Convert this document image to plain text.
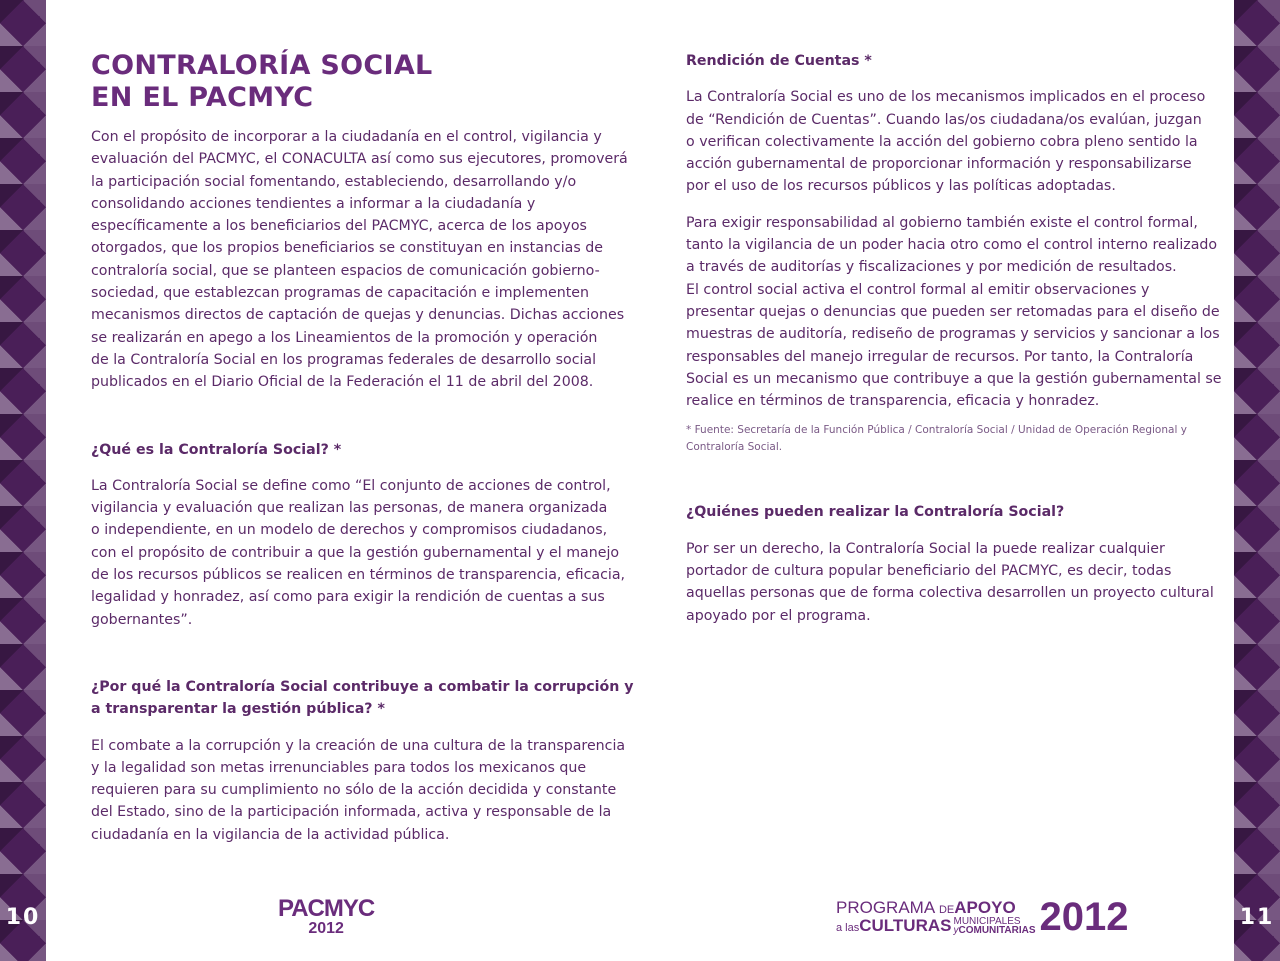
10	11
CONTRALORÍA SOCIAL
EN EL PACMYC
Con el propósito de incorporar a la ciudadanía en el control, vigilancia y
evaluación del PACMYC, el CONACULTA así como sus ejecutores, promoverá
la participación social fomentando, estableciendo, desarrollando y/o
consolidando acciones tendientes a informar a la ciudadanía y
específicamente a los beneficiarios del PACMYC, acerca de los apoyos
otorgados, que los propios beneficiarios se constituyan en instancias de
contraloría social, que se planteen espacios de comunicación gobierno-
sociedad, que establezcan programas de capacitación e implementen
mecanismos directos de captación de quejas y denuncias. Dichas acciones
se realizarán en apego a los Lineamientos de la promoción y operación
de la Contraloría Social en los programas federales de desarrollo social
publicados en el Diario Oficial de la Federación el 11 de abril del 2008.
¿Qué es la Contraloría Social? *
La Contraloría Social se define como “El conjunto de acciones de control,
vigilancia y evaluación que realizan las personas, de manera organizada
o independiente, en un modelo de derechos y compromisos ciudadanos,
con el propósito de contribuir a que la gestión gubernamental y el manejo
de los recursos públicos se realicen en términos de transparencia, eficacia,
legalidad y honradez, así como para exigir la rendición de cuentas a sus
gobernantes”.
¿Por qué la Contraloría Social contribuye a combatir la corrupción y
a transparentar la gestión pública? *
El combate a la corrupción y la creación de una cultura de la transparencia
y la legalidad son metas irrenunciables para todos los mexicanos que
requieren para su cumplimiento no sólo de la acción decidida y constante
del Estado, sino de la participación informada, activa y responsable de la
ciudadanía en la vigilancia de la actividad pública.
Rendición de Cuentas *
La Contraloría Social es uno de los mecanismos implicados en el proceso
de “Rendición de Cuentas”. Cuando las/os ciudadana/os evalúan, juzgan
o verifican colectivamente la acción del gobierno cobra pleno sentido la
acción gubernamental de proporcionar información y responsabilizarse
por el uso de los recursos públicos y las políticas adoptadas.
Para exigir responsabilidad al gobierno también existe el control formal,
tanto la vigilancia de un poder hacia otro como el control interno realizado
a través de auditorías y fiscalizaciones y por medición de resultados.
El control social activa el control formal al emitir observaciones y
presentar quejas o denuncias que pueden ser retomadas para el diseño de
muestras de auditoría, rediseño de programas y servicios y sancionar a los
responsables del manejo irregular de recursos. Por tanto, la Contraloría
Social es un mecanismo que contribuye a que la gestión gubernamental se
realice en términos de transparencia, eficacia y honradez.
* Fuente: Secretaría de la Función Pública / Contraloría Social / Unidad de Operación Regional y
Contraloría Social.
¿Quiénes pueden realizar la Contraloría Social?
Por ser un derecho, la Contraloría Social la puede realizar cualquier
portador de cultura popular beneficiario del PACMYC, es decir, todas
aquellas personas que de forma colectiva desarrollen un proyecto cultural
apoyado por el programa.
PACMYC
2012
PROGRAMA DEAPOYO
a lasCULTURAS MUNICIPALES
yCOMUNITARIAS 2012
